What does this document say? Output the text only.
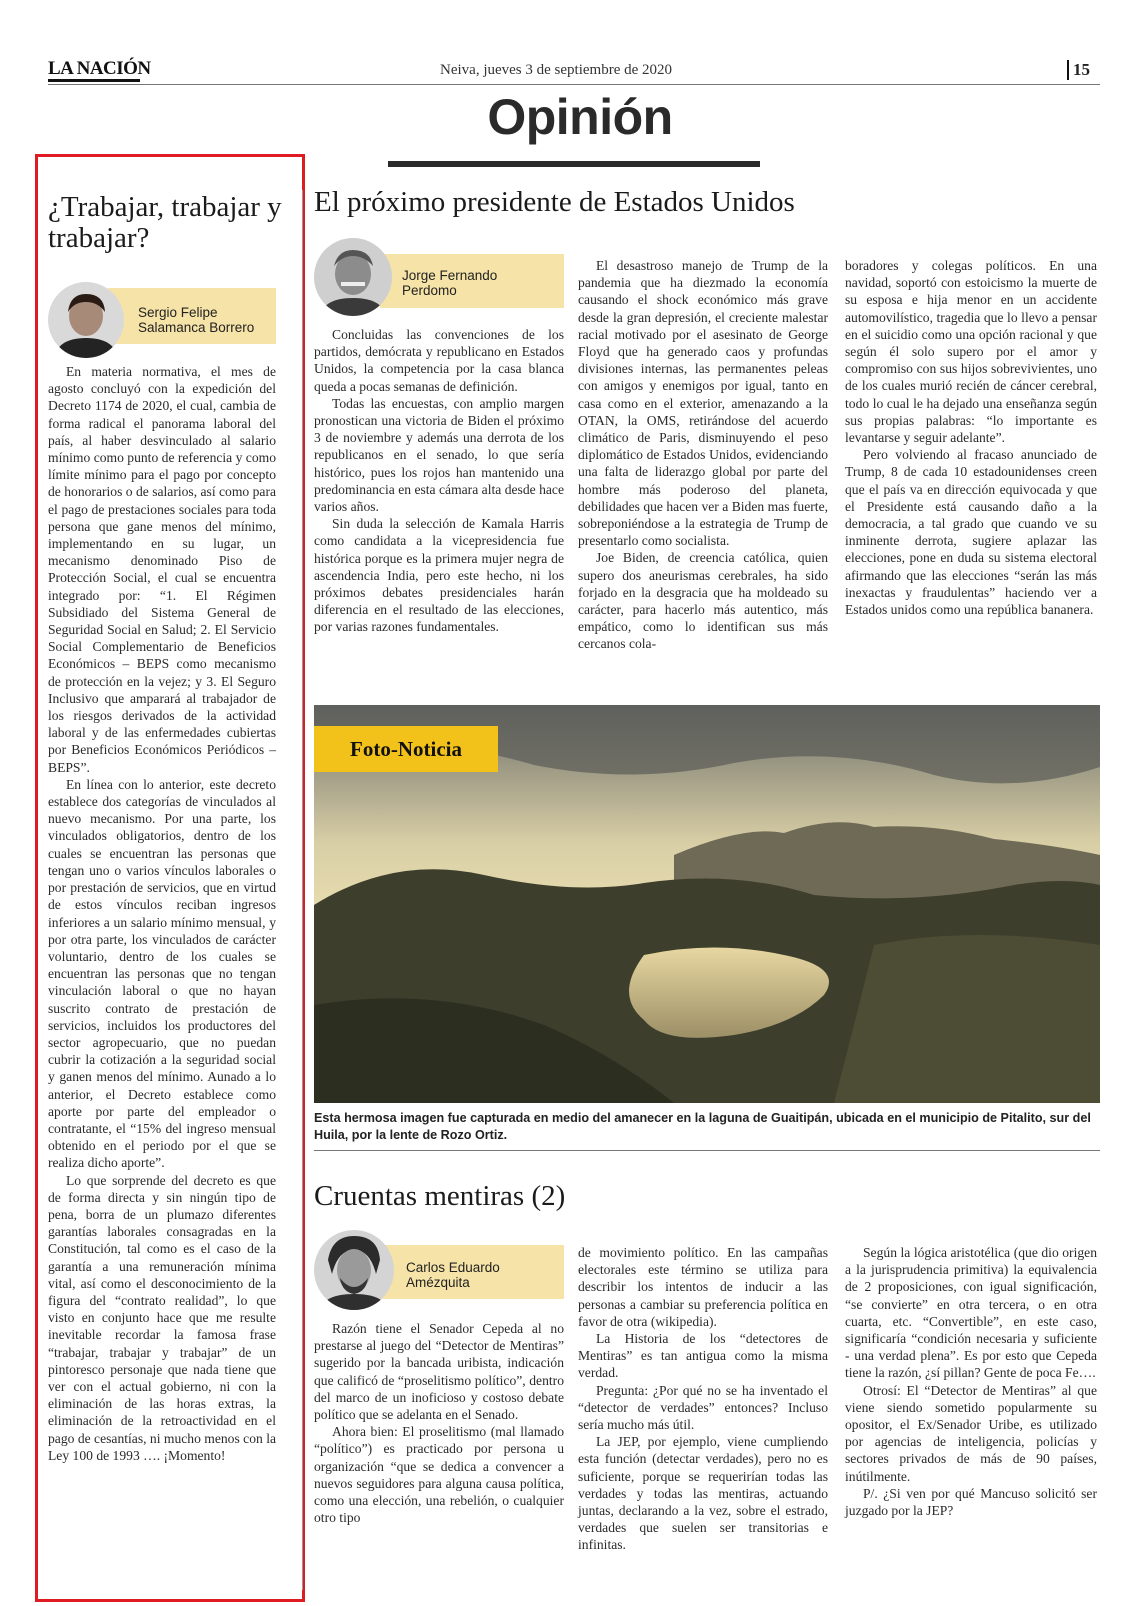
LA NACIÓN	Neiva, jueves 3 de septiembre de 2020	15
Opinión
¿Trabajar, trabajar y trabajar?
Sergio Felipe
Salamanca Borrero

En materia normativa, el mes de agosto concluyó con la expedición del Decreto 1174 de 2020, el cual, cambia de forma radical el panorama laboral del país, al haber desvinculado al salario mínimo como punto de referencia y como límite mínimo para el pago por concepto de honorarios o de salarios, así como para el pago de prestaciones sociales para toda persona que gane menos del mínimo, implementando en su lugar, un mecanismo denominado Piso de Protección Social, el cual se encuentra integrado por: “1. El Régimen Subsidiado del Sistema General de Seguridad Social en Salud; 2. El Servicio Social Complementario de Beneficios Económicos – BEPS como mecanismo de protección en la vejez; y 3. El Seguro Inclusivo que amparará al trabajador de los riesgos derivados de la actividad laboral y de las enfermedades cubiertas por Beneficios Económicos Periódicos – BEPS”.

En línea con lo anterior, este decreto establece dos categorías de vinculados al nuevo mecanismo. Por una parte, los vinculados obligatorios, dentro de los cuales se encuentran las personas que tengan uno o varios vínculos laborales o por prestación de servicios, que en virtud de estos vínculos reciban ingresos inferiores a un salario mínimo mensual, y por otra parte, los vinculados de carácter voluntario, dentro de los cuales se encuentran las personas que no tengan vinculación laboral o que no hayan suscrito contrato de prestación de servicios, incluidos los productores del sector agropecuario, que no puedan cubrir la cotización a la seguridad social y ganen menos del mínimo. Aunado a lo anterior, el Decreto establece como aporte por parte del empleador o contratante, el “15% del ingreso mensual obtenido en el periodo por el que se realiza dicho aporte”.

Lo que sorprende del decreto es que de forma directa y sin ningún tipo de pena, borra de un plumazo diferentes garantías laborales consagradas en la Constitución, tal como es el caso de la garantía a una remuneración mínima vital, así como el desconocimiento de la figura del “contrato realidad”, lo que visto en conjunto hace que me resulte inevitable recordar la famosa frase “trabajar, trabajar y trabajar” de un pintoresco personaje que nada tiene que ver con el actual gobierno, ni con la eliminación de las horas extras, la eliminación de la retroactividad en el pago de cesantías, ni mucho menos con la Ley 100 de 1993 …. ¡Momento!

El próximo presidente de Estados Unidos
Jorge Fernando
Perdomo

Concluidas las convenciones de los partidos, demócrata y republicano en Estados Unidos, la competencia por la casa blanca queda a pocas semanas de definición.

Todas las encuestas, con amplio margen pronostican una victoria de Biden el próximo 3 de noviembre y además una derrota de los republicanos en el senado, lo que sería histórico, pues los rojos han mantenido una predominancia en esta cámara alta desde hace varios años.

Sin duda la selección de Kamala Harris como candidata a la vicepresidencia fue histórica porque es la primera mujer negra de ascendencia India, pero este hecho, ni los próximos debates presidenciales harán diferencia en el resultado de las elecciones, por varias razones fundamentales.

El desastroso manejo de Trump de la pandemia que ha diezmado la economía causando el shock económico más grave desde la gran depresión, el creciente malestar racial motivado por el asesinato de George Floyd que ha generado caos y profundas divisiones internas, las permanentes peleas con amigos y enemigos por igual, tanto en casa como en el exterior, amenazando a la OTAN, la OMS, retirándose del acuerdo climático de Paris, disminuyendo el peso diplomático de Estados Unidos, evidenciando una falta de liderazgo global por parte del hombre más poderoso del planeta, debilidades que hacen ver a Biden mas fuerte, sobreponiéndose a la estrategia de Trump de presentarlo como socialista.

Joe Biden, de creencia católica, quien supero dos aneurismas cerebrales, ha sido forjado en la desgracia que ha moldeado su carácter, para hacerlo más autentico, más empático, como lo identifican sus más cercanos cola-

boradores y colegas políticos. En una navidad, soportó con estoicismo la muerte de su esposa e hija menor en un accidente automovilístico, tragedia que lo llevo a pensar en el suicidio como una opción racional y que según él solo supero por el amor y compromiso con sus hijos sobrevivientes, uno de los cuales murió recién de cáncer cerebral, todo lo cual le ha dejado una enseñanza según sus propias palabras: “lo importante es levantarse y seguir adelante”.

Pero volviendo al fracaso anunciado de Trump, 8 de cada 10 estadounidenses creen que el país va en dirección equivocada y que el Presidente está causando daño a la democracia, a tal grado que cuando ve su inminente derrota, sugiere aplazar las elecciones, pone en duda su sistema electoral afirmando que las elecciones “serán las más inexactas y fraudulentas” haciendo ver a Estados unidos como una república bananera.

Foto-Noticia
Esta hermosa imagen fue capturada en medio del amanecer en la laguna de Guaitipán, ubicada en el municipio de Pitalito, sur del Huila, por la lente de Rozo Ortiz.
Cruentas mentiras (2)
Carlos Eduardo
Amézquita

Razón tiene el Senador Cepeda al no prestarse al juego del “Detector de Mentiras” sugerido por la bancada uribista, indicación que calificó de “proselitismo político”, dentro del marco de un inoficioso y costoso debate político que se adelanta en el Senado.

Ahora bien: El proselitismo (mal llamado “político”) es practicado por persona u organización “que se dedica a convencer a nuevos seguidores para alguna causa política, como una elección, una rebelión, o cualquier otro tipo

de movimiento político. En las campañas electorales este término se utiliza para describir los intentos de inducir a las personas a cambiar su preferencia política en favor de otra (wikipedia).

La Historia de los “detectores de Mentiras” es tan antigua como la misma verdad.

Pregunta: ¿Por qué no se ha inventado el “detector de verdades” entonces? Incluso sería mucho más útil.

La JEP, por ejemplo, viene cumpliendo esta función (detectar verdades), pero no es suficiente, porque se requerirían todas las verdades y todas las mentiras, actuando juntas, declarando a la vez, sobre el estrado, verdades que suelen ser transitorias e infinitas.

Según la lógica aristotélica (que dio origen a la jurisprudencia primitiva) la equivalencia de 2 proposiciones, con igual significación, “se convierte” en otra tercera, o en otra cuarta, etc. “Convertible”, en este caso, significaría “condición necesaria y suficiente - una verdad plena”. Es por esto que Cepeda tiene la razón, ¿sí pillan? Gente de poca Fe….

Otrosí: El “Detector de Mentiras” al que viene siendo sometido popularmente su opositor, el Ex/Senador Uribe, es utilizado por agencias de inteligencia, policías y sectores privados de más de 90 países, inútilmente.

P/. ¿Si ven por qué Mancuso solicitó ser juzgado por la JEP?
